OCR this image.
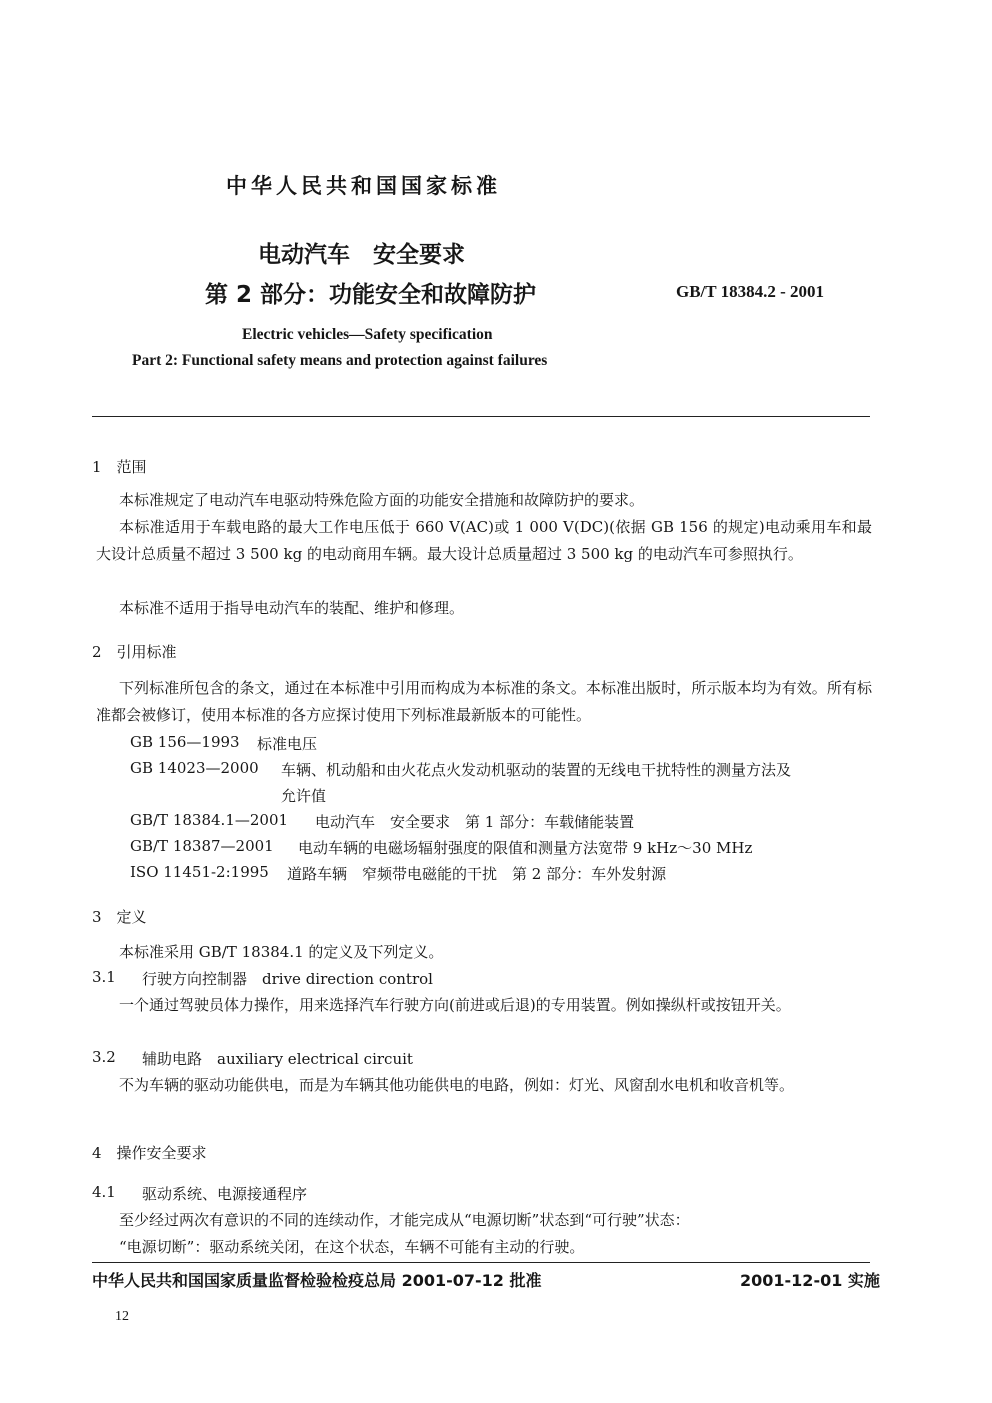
中华人民共和国国家标准
电动汽车　安全要求
第 2 部分：功能安全和故障防护	GB/T 18384.2 - 2001
Electric vehicles—Safety specification
Part 2: Functional safety means and protection against failures
1　范围
本标准规定了电动汽车电驱动特殊危险方面的功能安全措施和故障防护的要求。
本标准适用于车载电路的最大工作电压低于 660 V(AC)或 1 000 V(DC)(依据 GB 156 的规定)电动乘用车和最大设计总质量不超过 3 500 kg 的电动商用车辆。最大设计总质量超过 3 500 kg 的电动汽车可参照执行。
本标准不适用于指导电动汽车的装配、维护和修理。
2　引用标准
下列标准所包含的条文，通过在本标准中引用而构成为本标准的条文。本标准出版时，所示版本均为有效。所有标准都会被修订，使用本标准的各方应探讨使用下列标准最新版本的可能性。
GB 156—1993 标准电压
GB 14023—2000 车辆、机动船和由火花点火发动机驱动的装置的无线电干扰特性的测量方法及
允许值
GB/T 18384.1—2001 电动汽车　安全要求　第 1 部分：车载储能装置
GB/T 18387—2001 电动车辆的电磁场辐射强度的限值和测量方法宽带 9 kHz～30 MHz
ISO 11451-2:1995 道路车辆　窄频带电磁能的干扰　第 2 部分：车外发射源
3　定义
本标准采用 GB/T 18384.1 的定义及下列定义。
3.1 行驶方向控制器　drive direction control
一个通过驾驶员体力操作，用来选择汽车行驶方向(前进或后退)的专用装置。例如操纵杆或按钮开关。
3.2 辅助电路　auxiliary electrical circuit
不为车辆的驱动功能供电，而是为车辆其他功能供电的电路，例如：灯光、风窗刮水电机和收音机等。
4　操作安全要求
4.1 驱动系统、电源接通程序
至少经过两次有意识的不同的连续动作，才能完成从“电源切断”状态到“可行驶”状态：
“电源切断”：驱动系统关闭，在这个状态，车辆不可能有主动的行驶。
中华人民共和国国家质量监督检验检疫总局 2001-07-12 批准	2001-12-01 实施
12
